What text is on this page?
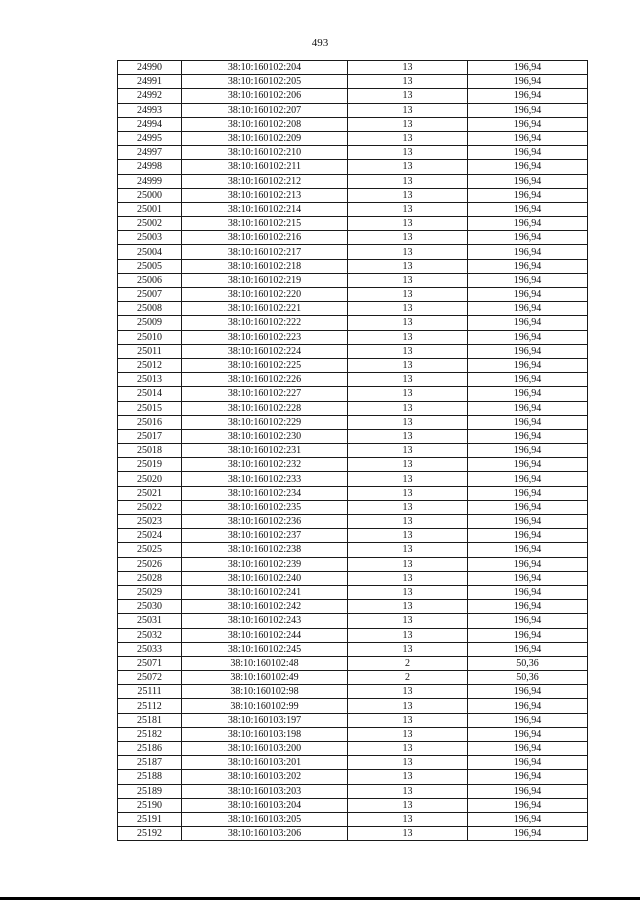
493
24990	38:10:160102:204	13	196,94
24991	38:10:160102:205	13	196,94
24992	38:10:160102:206	13	196,94
24993	38:10:160102:207	13	196,94
24994	38:10:160102:208	13	196,94
24995	38:10:160102:209	13	196,94
24997	38:10:160102:210	13	196,94
24998	38:10:160102:211	13	196,94
24999	38:10:160102:212	13	196,94
25000	38:10:160102:213	13	196,94
25001	38:10:160102:214	13	196,94
25002	38:10:160102:215	13	196,94
25003	38:10:160102:216	13	196,94
25004	38:10:160102:217	13	196,94
25005	38:10:160102:218	13	196,94
25006	38:10:160102:219	13	196,94
25007	38:10:160102:220	13	196,94
25008	38:10:160102:221	13	196,94
25009	38:10:160102:222	13	196,94
25010	38:10:160102:223	13	196,94
25011	38:10:160102:224	13	196,94
25012	38:10:160102:225	13	196,94
25013	38:10:160102:226	13	196,94
25014	38:10:160102:227	13	196,94
25015	38:10:160102:228	13	196,94
25016	38:10:160102:229	13	196,94
25017	38:10:160102:230	13	196,94
25018	38:10:160102:231	13	196,94
25019	38:10:160102:232	13	196,94
25020	38:10:160102:233	13	196,94
25021	38:10:160102:234	13	196,94
25022	38:10:160102:235	13	196,94
25023	38:10:160102:236	13	196,94
25024	38:10:160102:237	13	196,94
25025	38:10:160102:238	13	196,94
25026	38:10:160102:239	13	196,94
25028	38:10:160102:240	13	196,94
25029	38:10:160102:241	13	196,94
25030	38:10:160102:242	13	196,94
25031	38:10:160102:243	13	196,94
25032	38:10:160102:244	13	196,94
25033	38:10:160102:245	13	196,94
25071	38:10:160102:48	2	50,36
25072	38:10:160102:49	2	50,36
25111	38:10:160102:98	13	196,94
25112	38:10:160102:99	13	196,94
25181	38:10:160103:197	13	196,94
25182	38:10:160103:198	13	196,94
25186	38:10:160103:200	13	196,94
25187	38:10:160103:201	13	196,94
25188	38:10:160103:202	13	196,94
25189	38:10:160103:203	13	196,94
25190	38:10:160103:204	13	196,94
25191	38:10:160103:205	13	196,94
25192	38:10:160103:206	13	196,94
